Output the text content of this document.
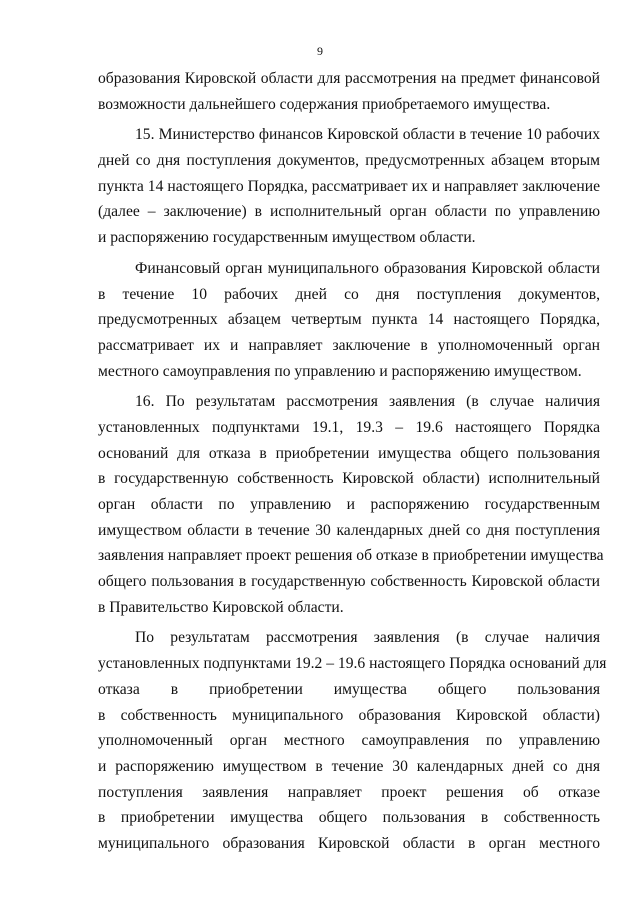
9
образования Кировской области для рассмотрения на предмет финансовой
возможности дальнейшего содержания приобретаемого имущества.
15. Министерство финансов Кировской области в течение 10 рабочих
дней со дня поступления документов, предусмотренных абзацем вторым
пункта 14 настоящего Порядка, рассматривает их и направляет заключение
(далее – заключение) в исполнительный орган области по управлению
и распоряжению государственным имуществом области.
Финансовый орган муниципального образования Кировской области
в течение 10 рабочих дней со дня поступления документов,
предусмотренных абзацем четвертым пункта 14 настоящего Порядка,
рассматривает их и направляет заключение в уполномоченный орган
местного самоуправления по управлению и распоряжению имуществом.
16. По результатам рассмотрения заявления (в случае наличия
установленных подпунктами 19.1, 19.3 – 19.6 настоящего Порядка
оснований для отказа в приобретении имущества общего пользования
в государственную собственность Кировской области) исполнительный
орган области по управлению и распоряжению государственным
имуществом области в течение 30 календарных дней со дня поступления
заявления направляет проект решения об отказе в приобретении имущества
общего пользования в государственную собственность Кировской области
в Правительство Кировской области.
По результатам рассмотрения заявления (в случае наличия
установленных подпунктами 19.2 – 19.6 настоящего Порядка оснований для
отказа в приобретении имущества общего пользования
в собственность муниципального образования Кировской области)
уполномоченный орган местного самоуправления по управлению
и распоряжению имуществом в течение 30 календарных дней со дня
поступления заявления направляет проект решения об отказе
в приобретении имущества общего пользования в собственность
муниципального образования Кировской области в орган местного
